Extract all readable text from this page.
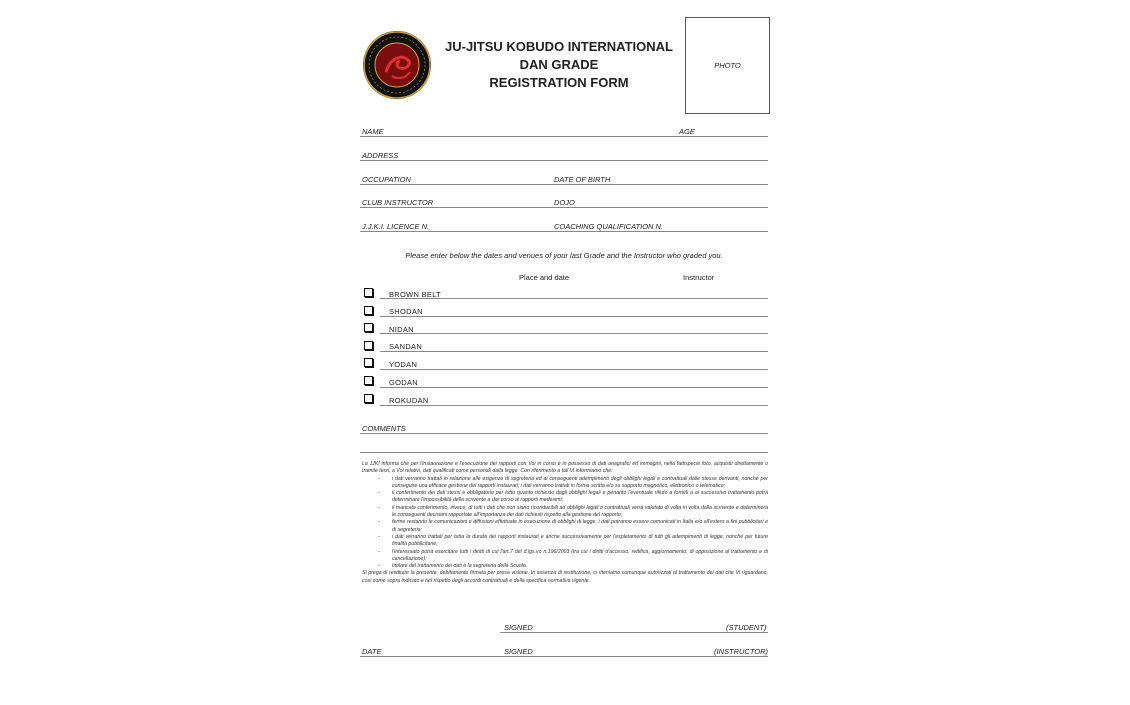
JU-JITSU KOBUDO INTERNATIONAL
DAN GRADE
REGISTRATION FORM
PHOTO
NAME	AGE
ADDRESS
OCCUPATION	DATE OF BIRTH
CLUB INSTRUCTOR	DOJO
J.J.K.I. LICENCE N.	COACHING QUALIFICATION N.
Please enter below the dates and venues of your last Grade and the Instructor who graded you.
Place and date	Instructor
BROWN BELT
SHODAN
NIDAN
SANDAN
YODAN
GODAN
ROKUDAN
COMMENTS
La JJKI informa che per l'instaurazione e l'esecuzione dei rapporti con Voi in corso è in possesso di dati anagrafici ed immagini, nella fattispecie foto, acquisiti direttamente o tramite terzi, a Voi relativi, dati qualificati come personali dalla legge. Con riferimento a tali Vi informiamo che:
- i dati verranno trattati in relazione alle esigenze di segreteria ed ai conseguenti adempimenti degli obblighi legali e contrattuali dalle stesse derivanti, nonché per conseguire una efficace gestione dei rapporti instaurati; i dati verranno trattati in forma scritta e/o su supporto magnetico, elettronico o telematico;
- il conferimento dei dati stessi è obbligatorio per tutto quanto richiesto dagli obblighi legali e pertanto l'eventuale rifiuto a fornirli o al successivo trattamento potrà determinare l'impossibilità della scrivente a dar corso ai rapporti medesimi;
- il mancato conferimento, invece, di tutti i dati che non siano riconducibili ad obblighi legali o contrattuali verrà valutato di volta in volta dalla scrivente e determinerà le conseguenti decisioni rapportate all'importanza dei dati richiesti rispetto alla gestione del rapporto;
- ferme restando le comunicazioni e diffusioni effettuate in esecuzione di obblighi di legge, i dati potranno essere comunicati in Italia e/o all'estero a fini pubblicitari e di segreteria;
- i dati verranno trattati per tutta la durata dei rapporti instaurati e anche successivamente per l'espletamento di tutti gli adempimenti di legge, nonché per future finalità pubblicitarie;
- l'interessato potrà esercitare tutti i diritti di cui l'art.7 del d.lgs.vo n.196/2003 (tra cui i diritti d'accesso, rettifica, aggiornamento, di opposizione al trattamento e di cancellazione);
- titolare del trattamento dei dati è la segreteria della Scuola.
Si prega di restituire la presente, debitamente firmata per presa visione. In assenza di restituzione, ci riteniamo comunque autorizzati al trattamento dei dati che Vi riguardano, così come sopra indicato e nel rispetto degli accordi contrattuali e della specifica normativa vigente.
SIGNED	(STUDENT)
DATE	SIGNED	(INSTRUCTOR)
